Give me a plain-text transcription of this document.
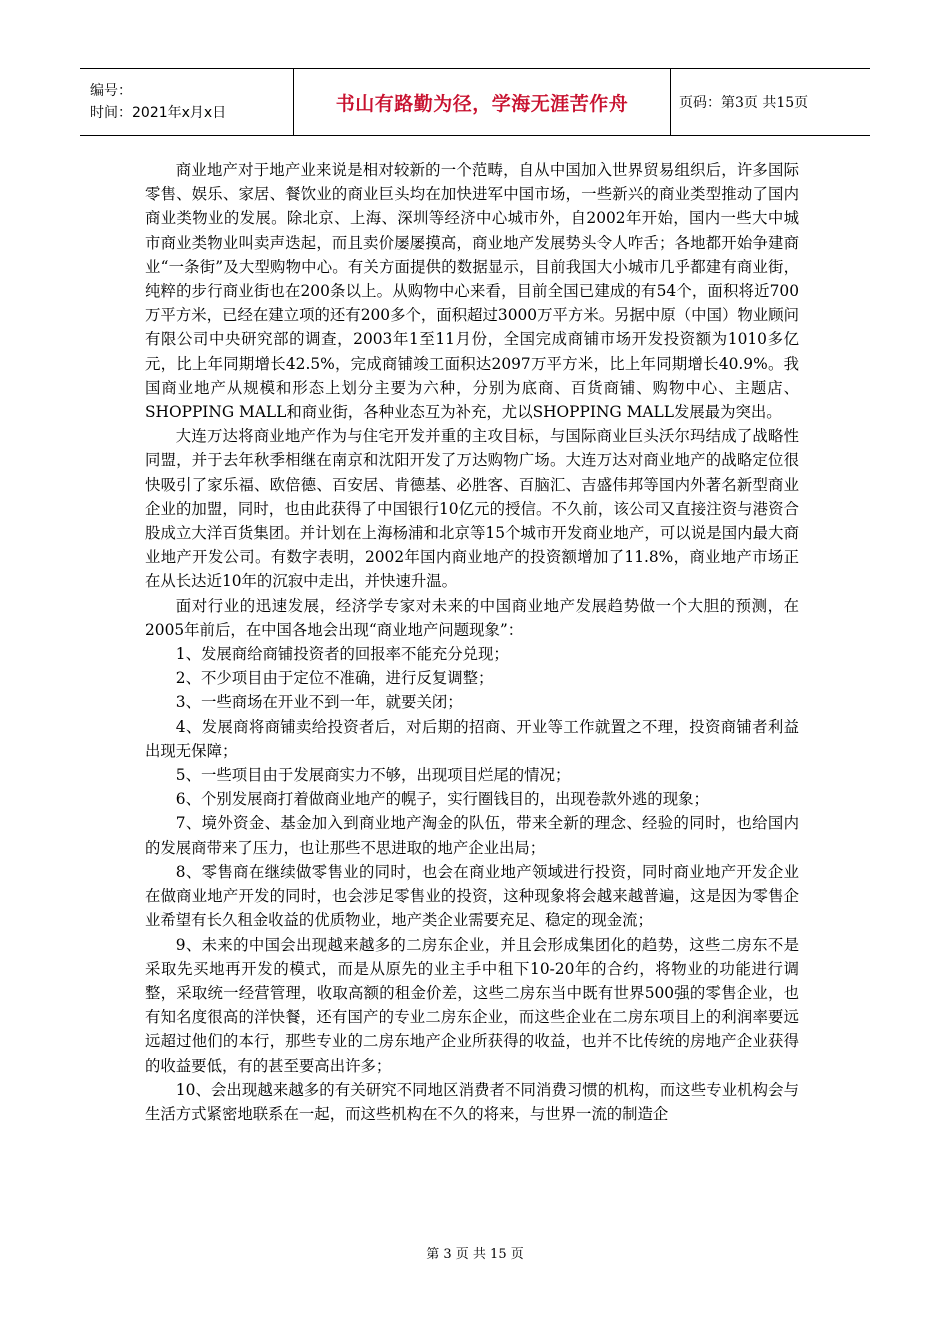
编号：
时间：2021年x月x日	书山有路勤为径，学海无涯苦作舟	页码：第3页 共15页

商业地产对于地产业来说是相对较新的一个范畴，自从中国加入世界贸易组织后，许多国际零售、娱乐、家居、餐饮业的商业巨头均在加快进军中国市场，一些新兴的商业类型推动了国内商业类物业的发展。除北京、上海、深圳等经济中心城市外，自2002年开始，国内一些大中城市商业类物业叫卖声迭起，而且卖价屡屡摸高，商业地产发展势头令人咋舌；各地都开始争建商业“一条街”及大型购物中心。有关方面提供的数据显示，目前我国大小城市几乎都建有商业街，纯粹的步行商业街也在200条以上。从购物中心来看，目前全国已建成的有54个，面积将近700万平方米，已经在建立项的还有200多个，面积超过3000万平方米。另据中原（中国）物业顾问有限公司中央研究部的调查，2003年1至11月份，全国完成商铺市场开发投资额为1010多亿元，比上年同期增长42.5%，完成商铺竣工面积达2097万平方米，比上年同期增长40.9%。我国商业地产从规模和形态上划分主要为六种，分别为底商、百货商铺、购物中心、主题店、SHOPPING MALL和商业街，各种业态互为补充，尤以SHOPPING MALL发展最为突出。

大连万达将商业地产作为与住宅开发并重的主攻目标，与国际商业巨头沃尔玛结成了战略性同盟，并于去年秋季相继在南京和沈阳开发了万达购物广场。大连万达对商业地产的战略定位很快吸引了家乐福、欧倍德、百安居、肯德基、必胜客、百脑汇、吉盛伟邦等国内外著名新型商业企业的加盟，同时，也由此获得了中国银行10亿元的授信。不久前，该公司又直接注资与港资合股成立大洋百货集团。并计划在上海杨浦和北京等15个城市开发商业地产，可以说是国内最大商业地产开发公司。有数字表明，2002年国内商业地产的投资额增加了11.8%，商业地产市场正在从长达近10年的沉寂中走出，并快速升温。

面对行业的迅速发展，经济学专家对未来的中国商业地产发展趋势做一个大胆的预测，在2005年前后，在中国各地会出现“商业地产问题现象”：

1、发展商给商铺投资者的回报率不能充分兑现；

2、不少项目由于定位不准确，进行反复调整；

3、一些商场在开业不到一年，就要关闭；

4、发展商将商铺卖给投资者后，对后期的招商、开业等工作就置之不理，投资商铺者利益出现无保障；

5、一些项目由于发展商实力不够，出现项目烂尾的情况；

6、个别发展商打着做商业地产的幌子，实行圈钱目的，出现卷款外逃的现象；

7、境外资金、基金加入到商业地产淘金的队伍，带来全新的理念、经验的同时，也给国内的发展商带来了压力，也让那些不思进取的地产企业出局；

8、零售商在继续做零售业的同时，也会在商业地产领域进行投资，同时商业地产开发企业在做商业地产开发的同时，也会涉足零售业的投资，这种现象将会越来越普遍，这是因为零售企业希望有长久租金收益的优质物业，地产类企业需要充足、稳定的现金流；

9、未来的中国会出现越来越多的二房东企业，并且会形成集团化的趋势，这些二房东不是采取先买地再开发的模式，而是从原先的业主手中租下10-20年的合约，将物业的功能进行调整，采取统一经营管理，收取高额的租金价差，这些二房东当中既有世界500强的零售企业，也有知名度很高的洋快餐，还有国产的专业二房东企业，而这些企业在二房东项目上的利润率要远远超过他们的本行，那些专业的二房东地产企业所获得的收益，也并不比传统的房地产企业获得的收益要低，有的甚至要高出许多；

10、会出现越来越多的有关研究不同地区消费者不同消费习惯的机构，而这些专业机构会与生活方式紧密地联系在一起，而这些机构在不久的将来，与世界一流的制造企

第 3 页 共 15 页
